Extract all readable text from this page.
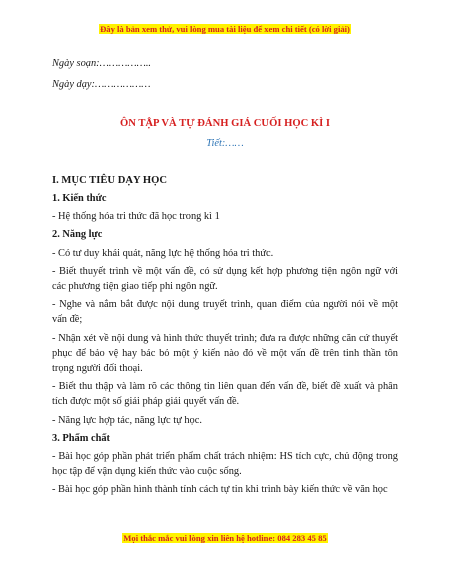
Đây là bản xem thử, vui lòng mua tài liệu để xem chi tiết (có lời giải)
Ngày soạn:……………..
Ngày dạy:………………
ÔN TẬP VÀ TỰ ĐÁNH GIÁ CUỐI HỌC KÌ I
Tiết:……
I. MỤC TIÊU DẠY HỌC
1. Kiến thức
- Hệ thống hóa tri thức đã học trong kì 1
2. Năng lực
- Có tư duy khái quát, năng lực hệ thống hóa tri thức.
- Biết thuyết trình về một vấn đề, có sử dụng kết hợp phương tiện ngôn ngữ với các phương tiện giao tiếp phi ngôn ngữ.
- Nghe và nắm bắt được nội dung truyết trình, quan điểm của người nói về một vấn đề;
- Nhận xét về nội dung và hình thức thuyết trình; đưa ra được những căn cứ thuyết phục để bảo vệ hay bác bỏ một ý kiến nào đó về một vấn đề trên tinh thần tôn trọng người đối thoại.
- Biết thu thập và làm rõ các thông tin liên quan đến vấn đề, biết đề xuất và phân tích được một số giải pháp giải quyết vấn đề.
- Năng lực hợp tác, năng lực tự học.
3. Phẩm chất
- Bài học góp phần phát triển phẩm chất trách nhiệm: HS tích cực, chủ động trong học tập để vận dụng kiến thức vào cuộc sống.
- Bài học góp phần hình thành tính cách tự tin khi trình bày kiến thức về văn học
Mọi thắc mắc vui lòng xin liên hệ hotline: 084 283 45 85
